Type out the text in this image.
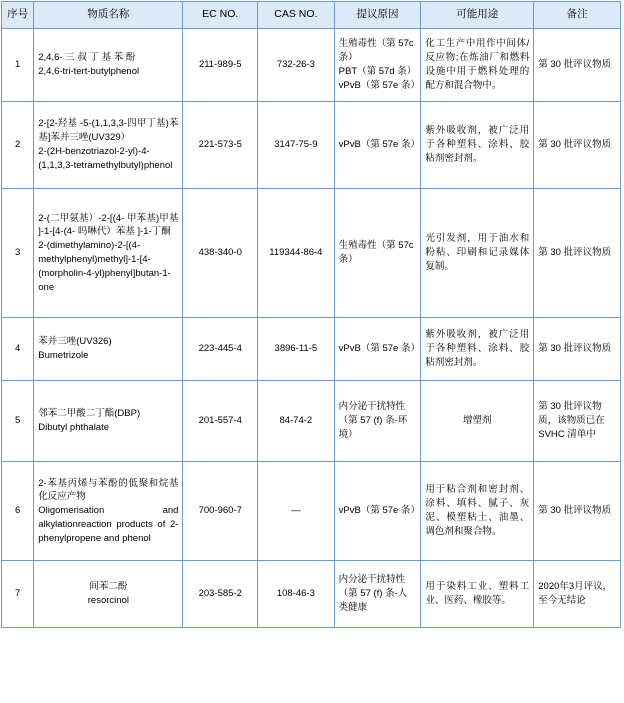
序号	物质名称	EC NO.	CAS NO.	提议原因	可能用途	备注
1	2,4,6- 三 叔 丁 基 苯 酚
2,4,6-tri-tert-butylphenol	211-989-5	732-26-3	生殖毒性（第 57c
条）
PBT（第 57d 条）
vPvB（第 57e 条）	化工生产中用作中间体/反应物;在炼油厂和燃料设施中用于燃料处理的配方和混合物中。	第 30 批评议物质
2	2-[2-羟基 -5-(1,1,3,3-四甲丁基)苯基]苯并三唑(UV329）
2-(2H-benzotriazol-2-yl)-4-(1,1,3,3-tetramethylbutyl)phenol	221-573-5	3147-75-9	vPvB（第 57e 条）	紫外吸收剂，被广泛用于各种塑料、涂料、胶粘剂密封剂。	第 30 批评议物质
3	2-(二甲氨基）-2-[(4- 甲苯基)甲基 ]-1-[4-(4- 吗啉代）苯基 ]-1-丁酮
2-(dimethylamino)-2-[(4-methylphenyl)methyl]-1-[4-(morpholin-4-yl)phenyl]butan-1-one	438-340-0	119344-86-4	生殖毒性（第 57c
条）	光引发剂，用于油水和粉粘、印刷和记录媒体复制。	第 30 批评议物质
4	苯并三唑(UV326)
Bumetrizole	223-445-4	3896-11-5	vPvB（第 57e 条）	紫外吸收剂，被广泛用于各种塑料、涂料、胶粘剂密封剂。	第 30 批评议物质
5	邻苯二甲酸二丁酯(DBP)
Dibutyl phthalate	201-557-4	84-74-2	内分泌干扰特性
（第 57 (f) 条-环境）	增塑剂	第 30 批评议物质，该物质已在SVHC 清单中
6	2-苯基丙烯与苯酚的低聚和烷基化反应产物
Oligomerisation and alkylationreaction products of 2-phenylpropene and phenol	700-960-7	—	vPvB（第 57e 条）	用于粘合剂和密封剂、涂料、填料、腻子、灰泥、模塑粘土、油墨、调色剂和聚合物。	第 30 批评议物质
7	间苯二酚
resorcinol	203-585-2	108-46-3	内分泌干扰特性
（第 57 (f) 条-人
类健康	用于染料工业、塑料工业、医药、橡胶等。	2020年3月评议，至今无结论
